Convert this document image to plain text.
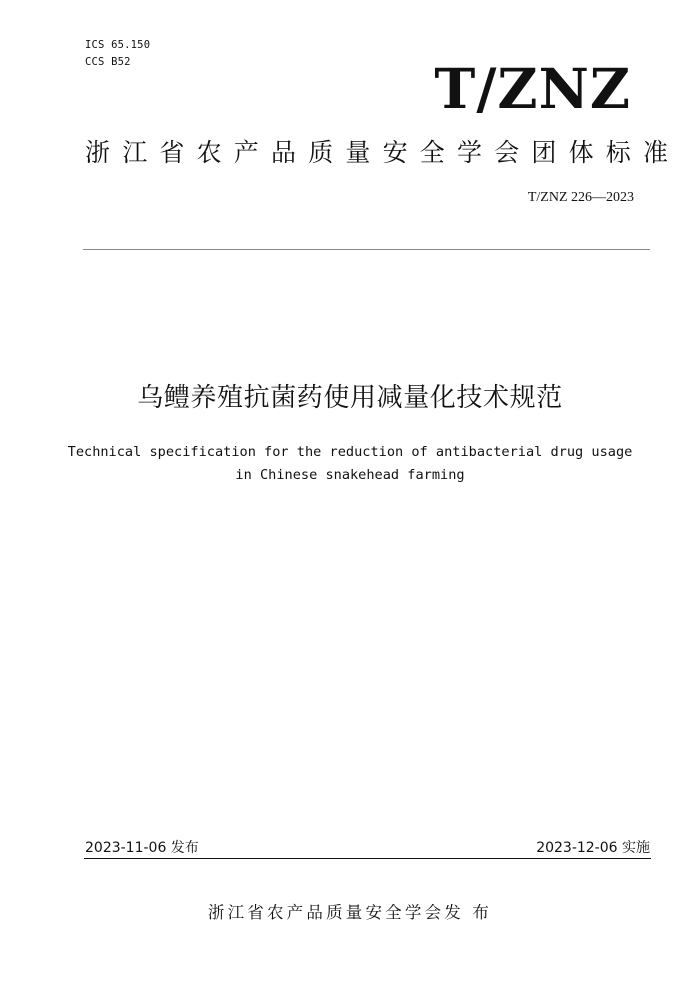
ICS 65.150
CCS B52	T/ZNZ
浙江省农产品质量安全学会团体标准
T/ZNZ 226—2023
乌鳢养殖抗菌药使用减量化技术规范
Technical specification for the reduction of antibacterial drug usage
in Chinese snakehead farming
2023-11-06 发布	2023-12-06 实施
浙江省农产品质量安全学会发 布
